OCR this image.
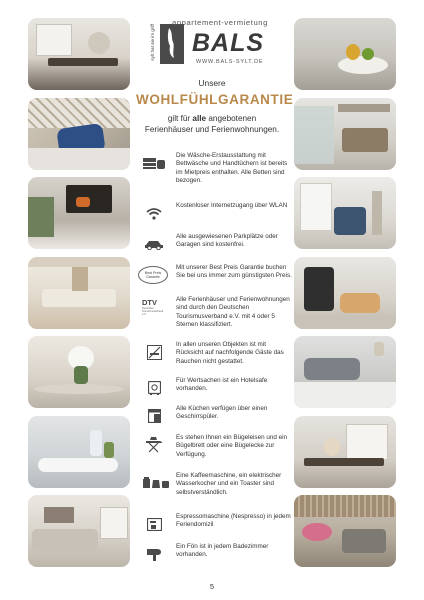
sylt hat sie im griff
appartement-vermietung
BALS
WWW.BALS-SYLT.DE
Unsere
WOHLFÜHLGARANTIE
gilt für alle angebotenen
Ferienhäuser und Ferienwohnungen.
Die Wäsche-Erstausstattung mit Bettwäsche und Handtüchern ist bereits im Mietpreis enthalten. Alle Betten sind bezogen.
Kostenloser Internetzugang über WLAN
Alle ausgewiesenen Parkplätze oder Garagen sind kostenfrei.
Best Preis
Garantie
Mit unserer Best Preis Garantie buchen Sie bei uns immer zum günstigsten Preis.
DTV
Deutscher Tourismusverband e.V.
Alle Ferienhäuser und Ferienwohnungen sind durch den Deutschen Tourismusverband e.V. mit 4 oder 5 Sternen klassifiziert.
In allen unseren Objekten ist mit Rücksicht auf nachfolgende Gäste das Rauchen nicht gestattet.
Für Wertsachen ist ein Hotelsafe vorhanden.
Alle Küchen verfügen über einen Geschirrspüler.
Es stehen Ihnen ein Bügeleisen und ein Bügelbrett oder eine Bügelecke zur Verfügung.
Eine Kaffeemaschine, ein elektrischer Wasserkocher und ein Toaster sind selbstverständlich.
Espressomaschine (Nespresso) in jedem Feriendomizil
Ein Fön ist in jedem Badezimmer vorhanden.
5
